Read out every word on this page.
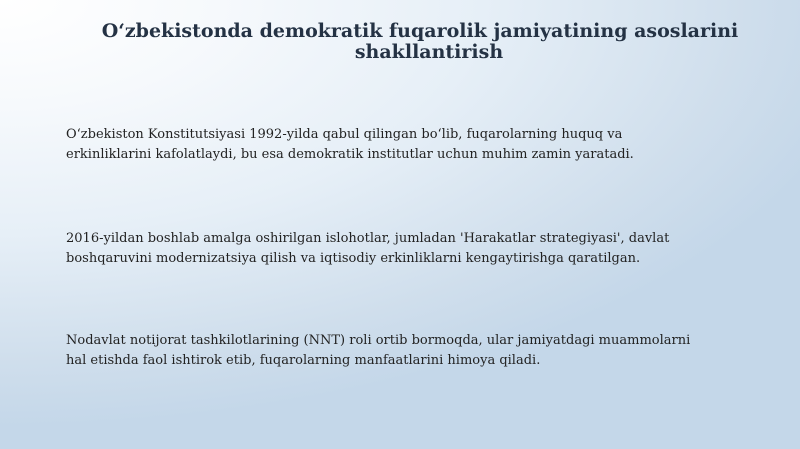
O‘zbekistonda demokratik fuqarolik jamiyatining asoslarini
shakllantirish

O‘zbekiston Konstitutsiyasi 1992-yilda qabul qilingan bo‘lib, fuqarolarning huquq va
erkinliklarini kafolatlaydi, bu esa demokratik institutlar uchun muhim zamin yaratadi.

2016-yildan boshlab amalga oshirilgan islohotlar, jumladan 'Harakatlar strategiyasi', davlat
boshqaruvini modernizatsiya qilish va iqtisodiy erkinliklarni kengaytirishga qaratilgan.

Nodavlat notijorat tashkilotlarining (NNT) roli ortib bormoqda, ular jamiyatdagi muammolarni
hal etishda faol ishtirok etib, fuqarolarning manfaatlarini himoya qiladi.
